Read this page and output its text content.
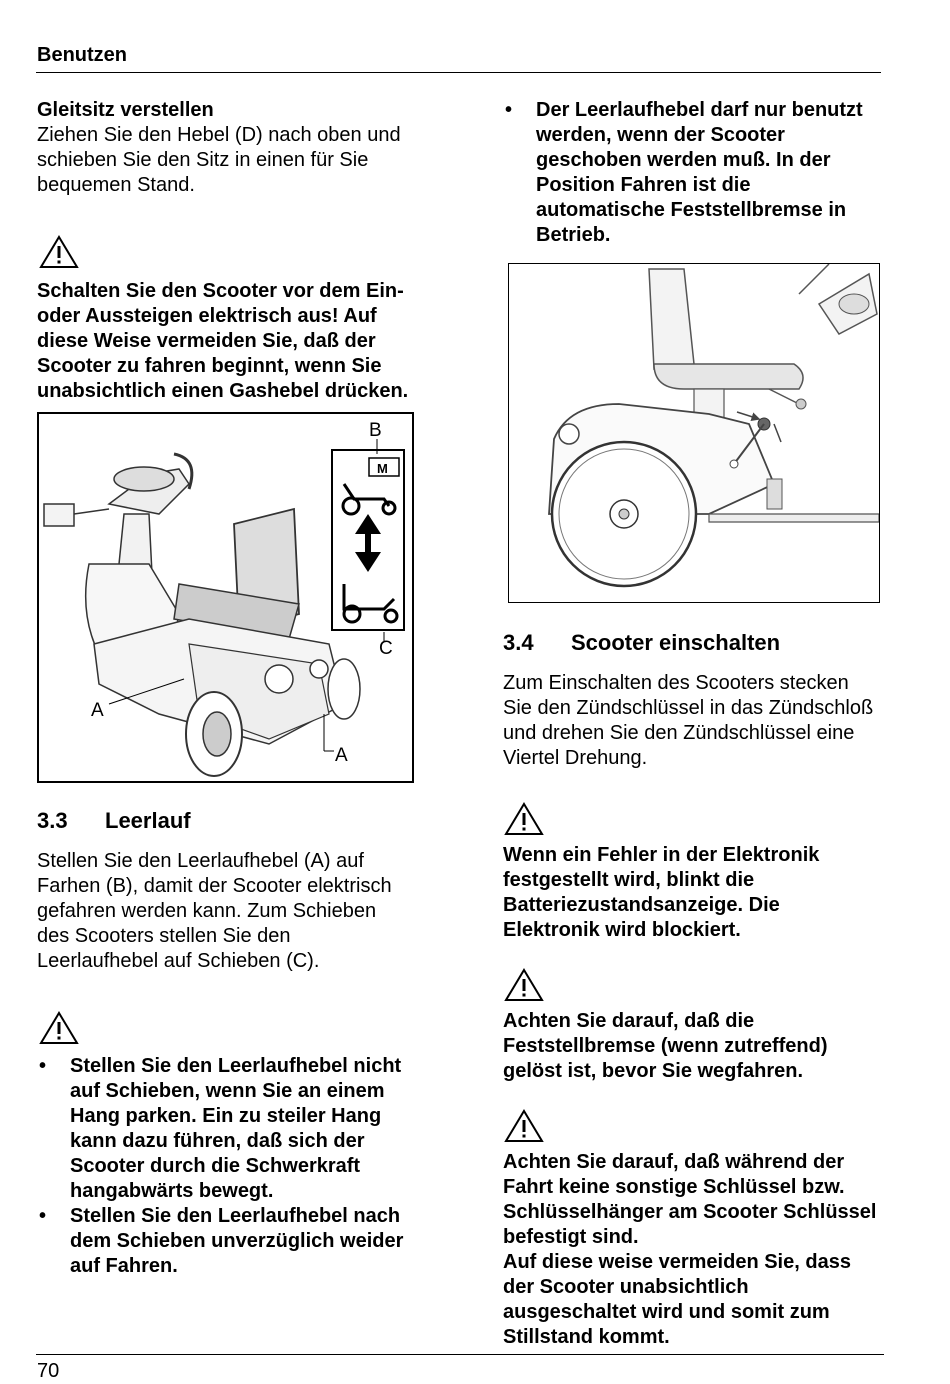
Benutzen
Gleitsitz verstellen

Ziehen Sie den Hebel (D) nach oben und schieben Sie den Sitz in einen für Sie bequemen Stand.

Schalten Sie den Scooter vor dem Ein- oder Aussteigen elektrisch aus! Auf diese Weise vermeiden Sie, daß der Scooter zu fahren beginnt, wenn Sie unabsichtlich einen Gashebel drücken.

M
B
C
A
A
3.3	Leerlauf

Stellen Sie den Leerlaufhebel (A) auf Farhen (B), damit der Scooter elektrisch gefahren werden kann. Zum Schieben des Scooters stellen Sie den Leerlaufhebel auf Schieben (C).

• Stellen Sie den Leerlaufhebel nicht auf Schieben, wenn Sie an einem Hang parken. Ein zu steiler Hang kann dazu führen, daß sich der Scooter durch die Schwerkraft hangabwärts bewegt.
• Stellen Sie den Leerlaufhebel nach dem Schieben unverzüglich weider auf Fahren.
• Der Leerlaufhebel darf nur benutzt werden, wenn der Scooter geschoben werden muß. In der Position Fahren ist die automatische Feststellbremse in Betrieb.
3.4	Scooter einschalten

Zum Einschalten des Scooters stecken Sie den Zündschlüssel in das Zündschloß und drehen Sie den Zündschlüssel eine Viertel Drehung.

Wenn ein Fehler in der Elektronik festgestellt wird, blinkt die Batteriezustandsanzeige. Die Elektronik wird blockiert.

Achten Sie darauf, daß die Feststellbremse (wenn zutreffend) gelöst ist, bevor Sie wegfahren.

Achten Sie darauf, daß während der Fahrt keine sonstige Schlüssel bzw. Schlüsselhänger am Scooter Schlüssel befestigt sind.

Auf diese weise vermeiden Sie, dass der Scooter unabsichtlich ausgeschaltet wird und somit zum Stillstand kommt.

70
